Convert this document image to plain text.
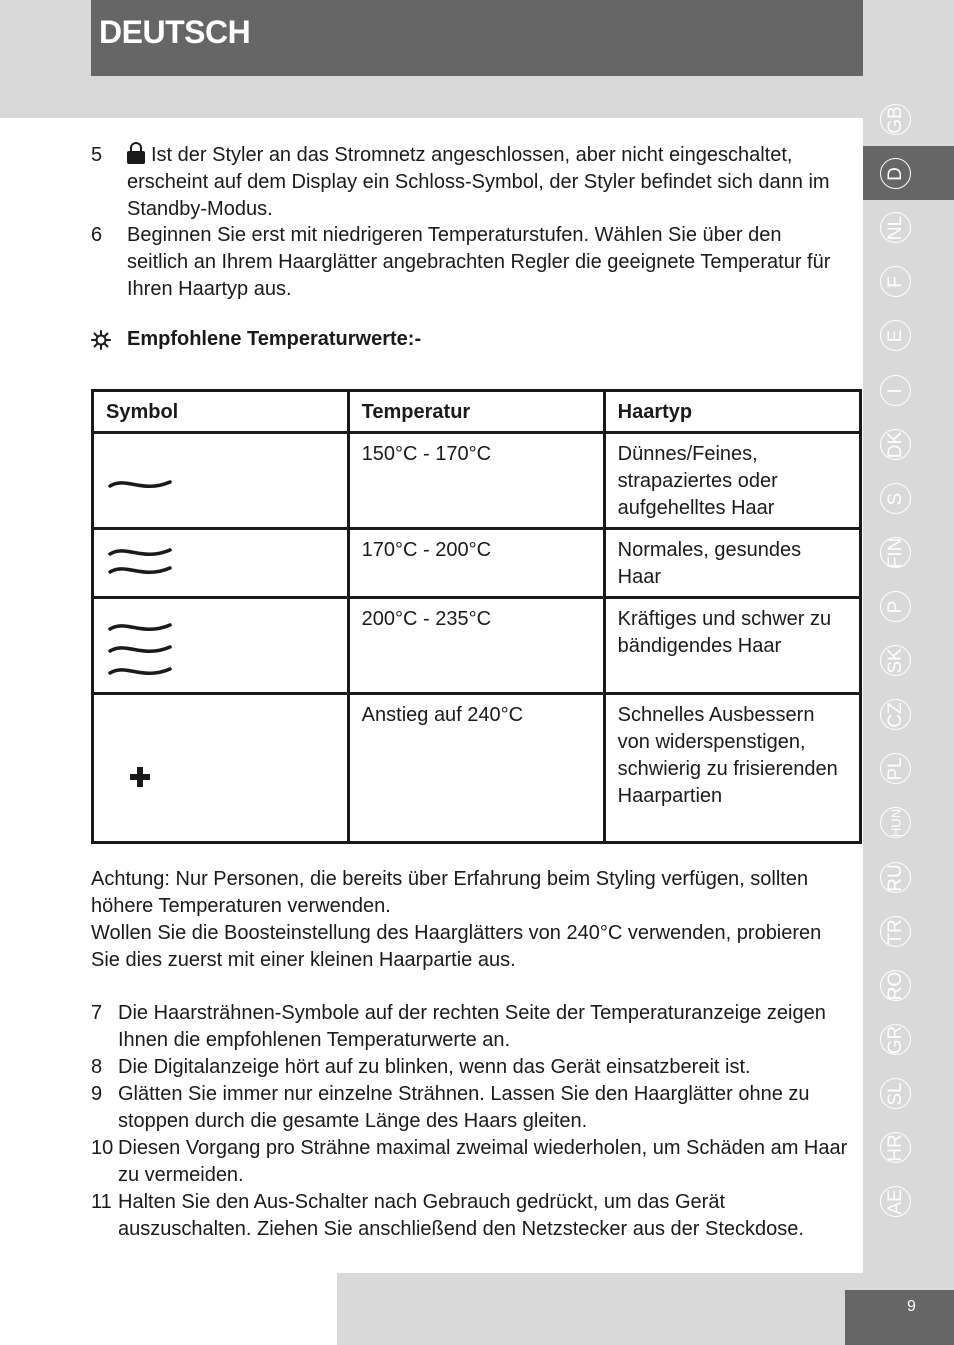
DEUTSCH
GB
D
NL
F
E
I
DK
S
FIN
P
SK
CZ
PL
HUN
RU
TR
RO
GR
SL
HR
AE
5	Ist der Styler an das Stromnetz angeschlossen, aber nicht eingeschaltet, erscheint auf dem Display ein Schloss-Symbol, der Styler befindet sich dann im Standby-Modus.
6 Beginnen Sie erst mit niedrigeren Temperaturstufen. Wählen Sie über den seitlich an Ihrem Haarglätter angebrachten Regler die geeignete Temperatur für Ihren Haartyp aus.
Empfohlene Temperaturwerte:-
Symbol	Temperatur	Haartyp

	150°C - 170°C	Dünnes/Feines, strapaziertes oder aufgehelltes Haar

	170°C - 200°C	Normales, gesundes Haar

	200°C - 235°C	Kräftiges und schwer zu bändigendes Haar

	Anstieg auf 240°C	Schnelles Ausbessern von widerspenstigen, schwierig zu frisierenden Haarpartien
Achtung: Nur Personen, die bereits über Erfahrung beim Styling verfügen, sollten höhere Temperaturen verwenden.
Wollen Sie die Boosteinstellung des Haarglätters von 240°C verwenden, probieren Sie dies zuerst mit einer kleinen Haarpartie aus.
7 Die Haarsträhnen-Symbole auf der rechten Seite der Temperaturanzeige zeigen Ihnen die empfohlenen Temperaturwerte an.
8 Die Digitalanzeige hört auf zu blinken, wenn das Gerät einsatzbereit ist.
9 Glätten Sie immer nur einzelne Strähnen. Lassen Sie den Haarglätter ohne zu stoppen durch die gesamte Länge des Haars gleiten.
10 Diesen Vorgang pro Strähne maximal zweimal wiederholen, um Schäden am Haar zu vermeiden.
11 Halten Sie den Aus-Schalter nach Gebrauch gedrückt, um das Gerät auszuschalten. Ziehen Sie anschließend den Netzstecker aus der Steckdose.
9
